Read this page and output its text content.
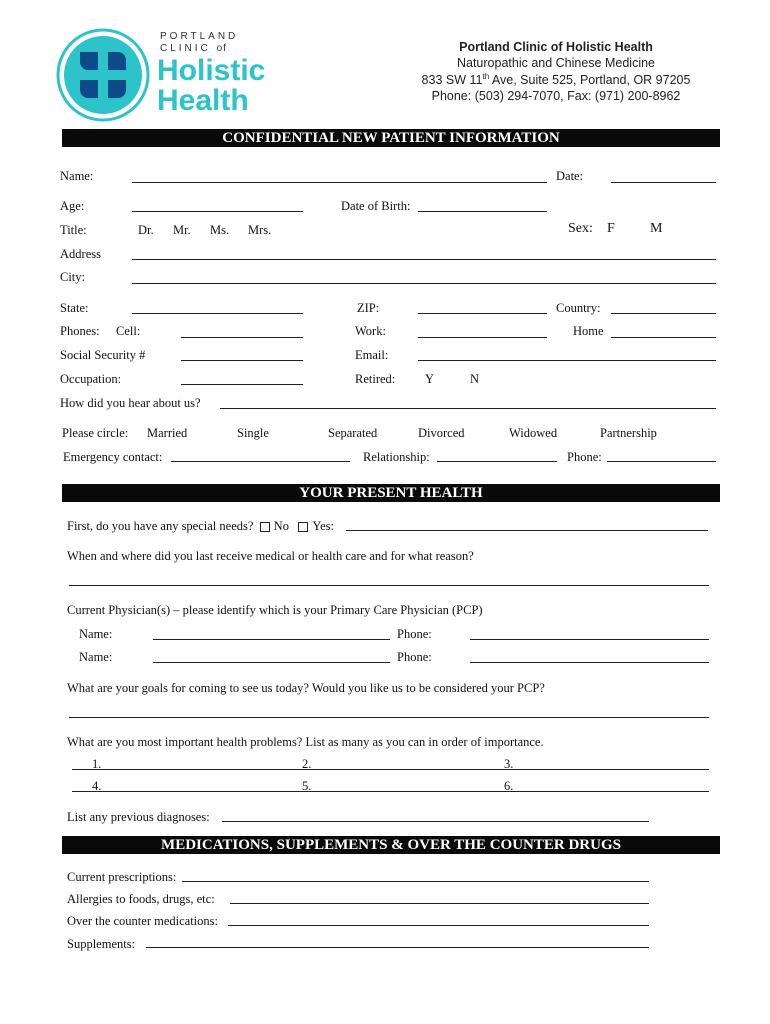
PORTLAND
CLINIC of
Holistic
Health
Portland Clinic of Holistic Health
Naturopathic and Chinese Medicine
833 SW 11th Ave, Suite 525, Portland, OR 97205
Phone: (503) 294-7070, Fax: (971) 200-8962
CONFIDENTIAL NEW PATIENT INFORMATION
Name:	Date:
Age:	Date of Birth:
Title:	Dr. Mr. Ms. Mrs.	Sex: F	M
Address
City:
State:	ZIP:	Country:
Phones: Cell:	Work:	Home
Social Security #	Email:
Occupation:	Retired: Y	N
How did you hear about us?
Please circle: Married	Single	Separated	Divorced	Widowed	Partnership
Emergency contact:	Relationship:	Phone:
YOUR PRESENT HEALTH
First, do you have any special needs? No Yes:
When and where did you last receive medical or health care and for what reason?
Current Physician(s) – please identify which is your Primary Care Physician (PCP)
Name:	Phone:
Name:	Phone:
What are your goals for coming to see us today? Would you like us to be considered your PCP?
What are you most important health problems? List as many as you can in order of importance.
1.	2.	3.
4.	5.	6.
List any previous diagnoses:
MEDICATIONS, SUPPLEMENTS & OVER THE COUNTER DRUGS
Current prescriptions:
Allergies to foods, drugs, etc:
Over the counter medications:
Supplements:
